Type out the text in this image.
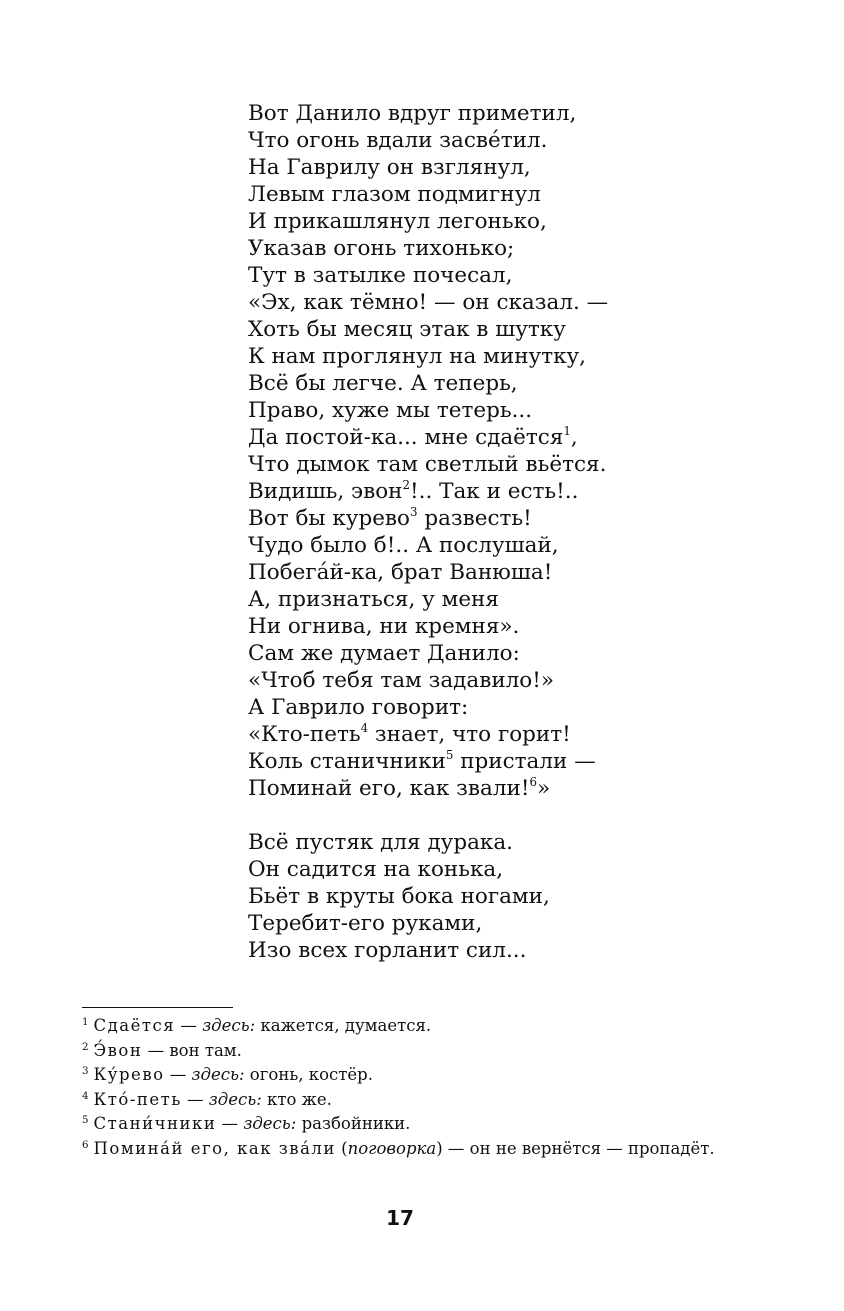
Вот Данило вдруг приметил,
Что огонь вдали засве́тил.
На Гаврилу он взглянул,
Левым глазом подмигнул
И прикашлянул легонько,
Указав огонь тихонько;
Тут в затылке почесал,
«Эх, как тёмно! — он сказал. —
Хоть бы месяц этак в шутку
К нам проглянул на минутку,
Всё бы легче. А теперь,
Право, хуже мы тетерь...
Да постой-ка... мне сдаётся$^1$,
Что дымок там светлый вьётся.
Видишь, эвон$^2$!.. Так и есть!..
Вот бы курево$^3$ развесть!
Чудо было б!.. А послушай,
Побега́й-ка, брат Ванюша!
А, признаться, у меня
Ни огнива, ни кремня».
Сам же думает Данило:
«Чтоб тебя там задавило!»
А Гаврило говорит:
«Кто-петь$^4$ знает, что горит!
Коль станичники$^5$ пристали —
Поминай его, как звали!$^6$»
Всё пустяк для дурака.
Он садится на конька,
Бьёт в круты бока ногами,
Теребит-его руками,
Изо всех горланит сил...
$^1$ Сдаётся — здесь: кажется, думается.
$^2$ Э́вон — вон там.
$^3$ Ку́рево — здесь: огонь, костёр.
$^4$ Кто́-петь — здесь: кто же.
$^5$ Стани́чники — здесь: разбойники.
$^6$ Помина́й его, как зва́ли (поговорка) — он не вернётся — пропадёт.
17
